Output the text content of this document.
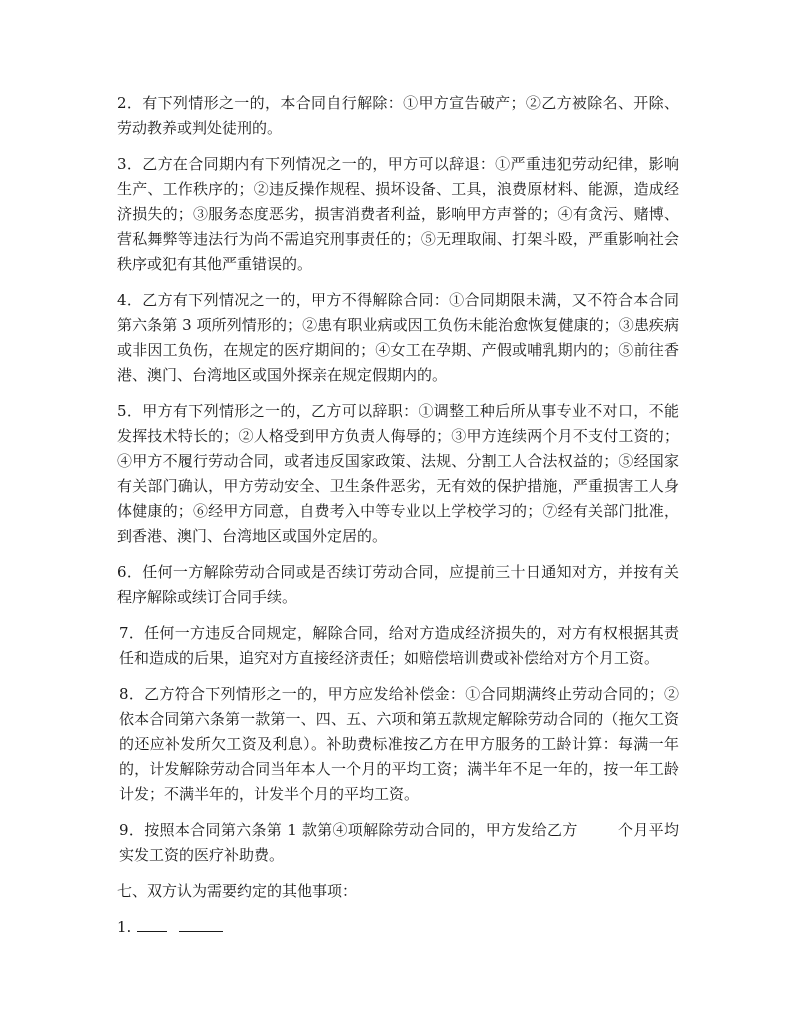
2．有下列情形之一的，本合同自行解除：①甲方宣告破产；②乙方被除名、开除、劳动教养或判处徒刑的。

3．乙方在合同期内有下列情况之一的，甲方可以辞退：①严重违犯劳动纪律，影响生产、工作秩序的；②违反操作规程、损坏设备、工具，浪费原材料、能源，造成经济损失的；③服务态度恶劣，损害消费者利益，影响甲方声誉的；④有贪污、赌博、营私舞弊等违法行为尚不需追究刑事责任的；⑤无理取闹、打架斗殴，严重影响社会秩序或犯有其他严重错误的。

4．乙方有下列情况之一的，甲方不得解除合同：①合同期限未满，又不符合本合同第六条第 3 项所列情形的；②患有职业病或因工负伤未能治愈恢复健康的；③患疾病或非因工负伤，在规定的医疗期间的；④女工在孕期、产假或哺乳期内的；⑤前往香港、澳门、台湾地区或国外探亲在规定假期内的。

5．甲方有下列情形之一的，乙方可以辞职：①调整工种后所从事专业不对口，不能发挥技术特长的；②人格受到甲方负责人侮辱的；③甲方连续两个月不支付工资的；④甲方不履行劳动合同，或者违反国家政策、法规、分割工人合法权益的；⑤经国家有关部门确认，甲方劳动安全、卫生条件恶劣，无有效的保护措施，严重损害工人身体健康的；⑥经甲方同意，自费考入中等专业以上学校学习的；⑦经有关部门批准，到香港、澳门、台湾地区或国外定居的。

6．任何一方解除劳动合同或是否续订劳动合同，应提前三十日通知对方，并按有关程序解除或续订合同手续。

7．任何一方违反合同规定，解除合同，给对方造成经济损失的，对方有权根据其责任和造成的后果，追究对方直接经济责任；如赔偿培训费或补偿给对方个月工资。

8．乙方符合下列情形之一的，甲方应发给补偿金：①合同期满终止劳动合同的；②依本合同第六条第一款第一、四、五、六项和第五款规定解除劳动合同的（拖欠工资的还应补发所欠工资及利息）。补助费标准按乙方在甲方服务的工龄计算：每满一年的，计发解除劳动合同当年本人一个月的平均工资；满半年不足一年的，按一年工龄计发；不满半年的，计发半个月的平均工资。

9．按照本合同第六条第 1 款第④项解除劳动合同的，甲方发给乙方	个月平均实发工资的医疗补助费。

七、双方认为需要约定的其他事项：

1.
